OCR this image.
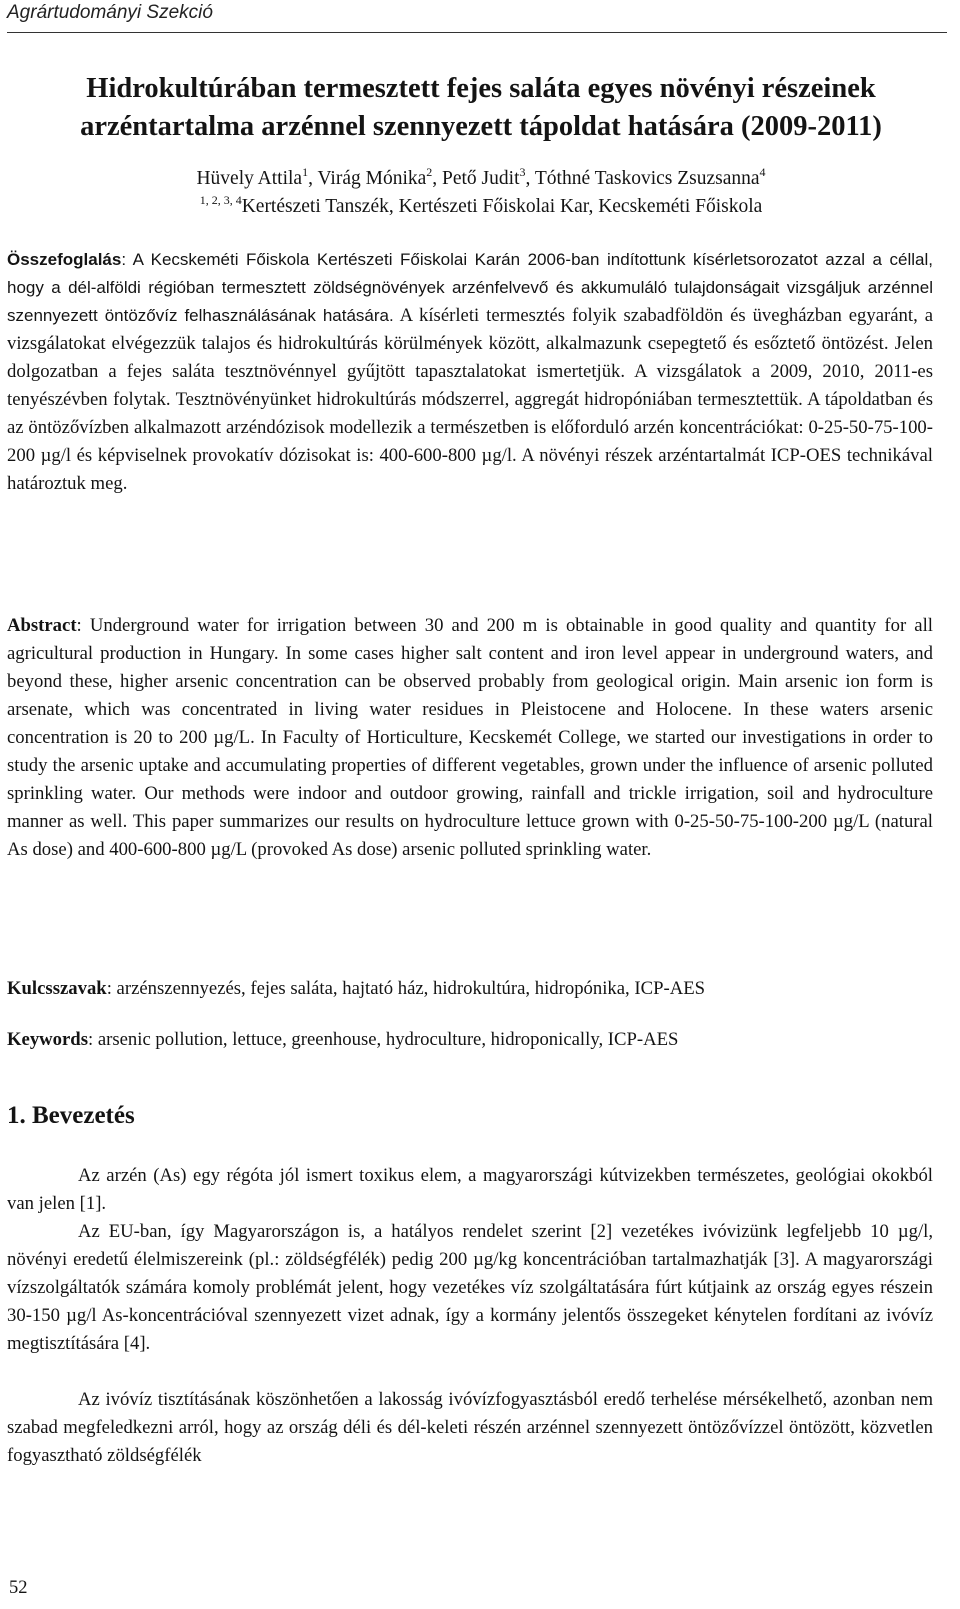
Agrártudományi Szekció
Hidrokultúrában termesztett fejes saláta egyes növényi részeinek arzéntartalma arzénnel szennyezett tápoldat hatására (2009-2011)
Hüvely Attila$^1$, Virág Mónika$^2$, Pető Judit$^3$, Tóthné Taskovics Zsuzsanna$^4$
$^{1, 2, 3, 4}$Kertészeti Tanszék, Kertészeti Főiskolai Kar, Kecskeméti Főiskola

Összefoglalás: A Kecskeméti Főiskola Kertészeti Főiskolai Karán 2006-ban indítottunk kísérletsorozatot azzal a céllal, hogy a dél-alföldi régióban termesztett zöldségnövények arzénfelvevő és akkumuláló tulajdonságait vizsgáljuk arzénnel szennyezett öntözővíz felhasználásának hatására. A kísérleti termesztés folyik szabadföldön és üvegházban egyaránt, a vizsgálatokat elvégezzük talajos és hidrokultúrás körülmények között, alkalmazunk csepegtető és esőztető öntözést. Jelen dolgozatban a fejes saláta tesztnövénnyel gyűjtött tapasztalatokat ismertetjük. A vizsgálatok a 2009, 2010, 2011-es tenyészévben folytak. Tesztnövényünket hidrokultúrás módszerrel, aggregát hidropóniában termesztettük. A tápoldatban és az öntözővízben alkalmazott arzéndózisok modellezik a természetben is előforduló arzén koncentrációkat: 0-25-50-75-100-200 µg/l és képviselnek provokatív dózisokat is: 400-600-800 µg/l. A növényi részek arzéntartalmát ICP-OES technikával határoztuk meg.

Abstract: Underground water for irrigation between 30 and 200 m is obtainable in good quality and quantity for all agricultural production in Hungary. In some cases higher salt content and iron level appear in underground waters, and beyond these, higher arsenic concentration can be observed probably from geological origin. Main arsenic ion form is arsenate, which was concentrated in living water residues in Pleistocene and Holocene. In these waters arsenic concentration is 20 to 200 µg/L. In Faculty of Horticulture, Kecskemét College, we started our investigations in order to study the arsenic uptake and accumulating properties of different vegetables, grown under the influence of arsenic polluted sprinkling water. Our methods were indoor and outdoor growing, rainfall and trickle irrigation, soil and hydroculture manner as well. This paper summarizes our results on hydroculture lettuce grown with 0-25-50-75-100-200 µg/L (natural As dose) and 400-600-800 µg/L (provoked As dose) arsenic polluted sprinkling water.

Kulcsszavak: arzénszennyezés, fejes saláta, hajtató ház, hidrokultúra, hidropónika, ICP-AES

Keywords: arsenic pollution, lettuce, greenhouse, hydroculture, hidroponically, ICP-AES

1. Bevezetés

Az arzén (As) egy régóta jól ismert toxikus elem, a magyarországi kútvizekben természetes, geológiai okokból van jelen [1].

Az EU-ban, így Magyarországon is, a hatályos rendelet szerint [2] vezetékes ivóvizünk legfeljebb 10 µg/l, növényi eredetű élelmiszereink (pl.: zöldségfélék) pedig 200 µg/kg koncentrációban tartalmazhatják [3]. A magyarországi vízszolgáltatók számára komoly problémát jelent, hogy vezetékes víz szolgáltatására fúrt kútjaink az ország egyes részein 30-150 µg/l As-koncentrációval szennyezett vizet adnak, így a kormány jelentős összegeket kénytelen fordítani az ivóvíz megtisztítására [4].

Az ivóvíz tisztításának köszönhetően a lakosság ivóvízfogyasztásból eredő terhelése mérsékelhető, azonban nem szabad megfeledkezni arról, hogy az ország déli és dél-keleti részén arzénnel szennyezett öntözővízzel öntözött, közvetlen fogyasztható zöldségfélék

52
